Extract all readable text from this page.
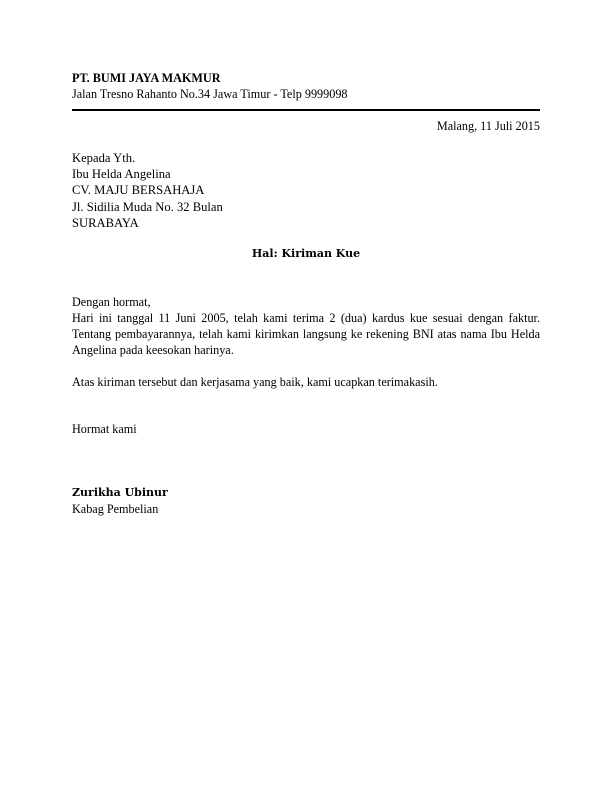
PT. BUMI JAYA MAKMUR
Jalan Tresno Rahanto No.34 Jawa Timur - Telp 9999098
Malang, 11 Juli 2015
Kepada Yth.
Ibu Helda Angelina
CV. MAJU BERSAHAJA
Jl. Sidilia Muda No. 32 Bulan
SURABAYA
Hal: Kiriman Kue
Dengan hormat,
Hari ini tanggal 11 Juni 2005, telah kami terima 2 (dua) kardus kue sesuai dengan faktur.
Tentang pembayarannya, telah kami kirimkan langsung ke rekening BNI atas nama Ibu Helda
Angelina pada keesokan harinya.
Atas kiriman tersebut dan kerjasama yang baik, kami ucapkan terimakasih.
Hormat kami
Zurikha Ubinur
Kabag Pembelian
